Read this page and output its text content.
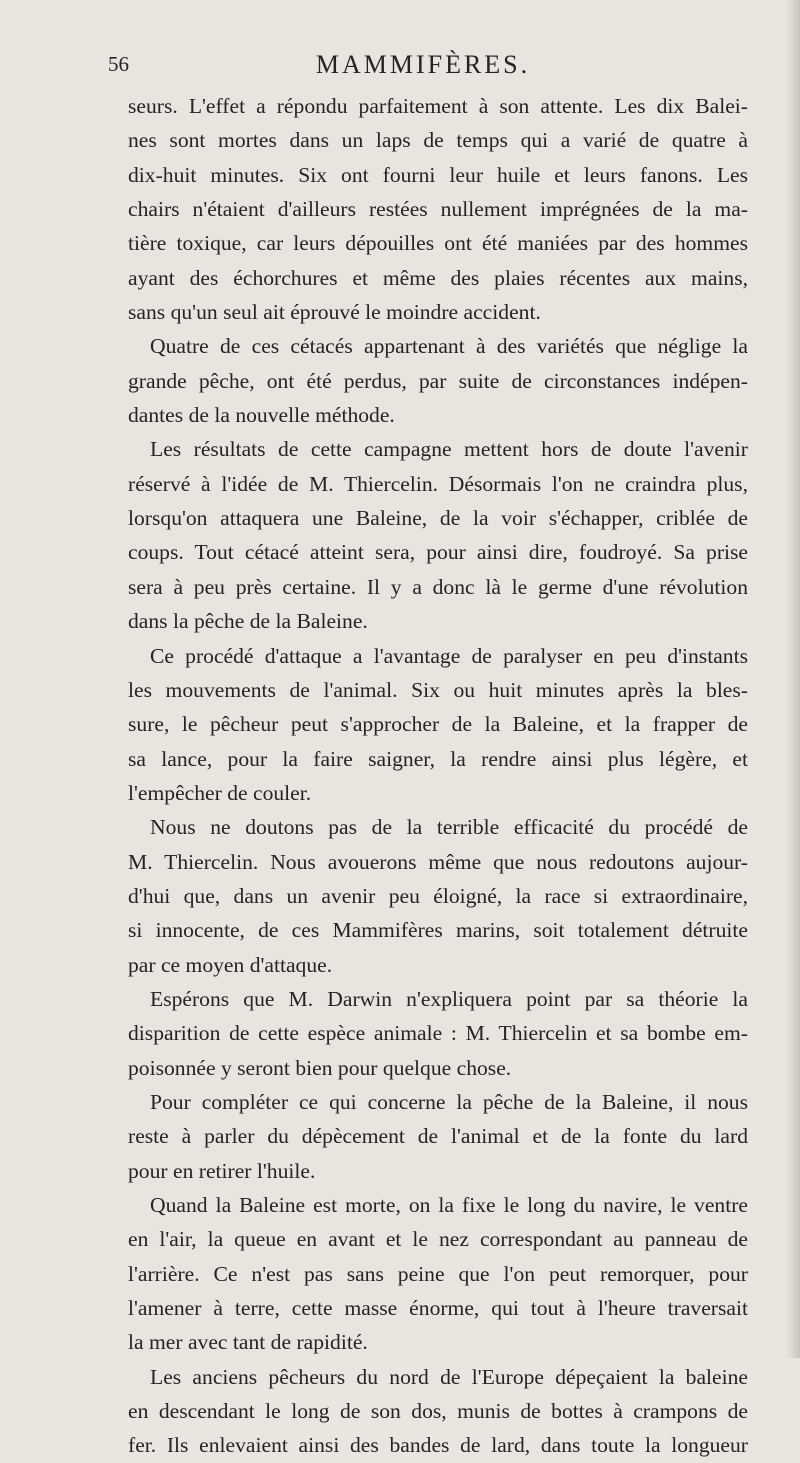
56	MAMMIFÈRES.
seurs. L'effet a répondu parfaitement à son attente. Les dix Balei-
nes sont mortes dans un laps de temps qui a varié de quatre à
dix-huit minutes. Six ont fourni leur huile et leurs fanons. Les
chairs n'étaient d'ailleurs restées nullement imprégnées de la ma-
tière toxique, car leurs dépouilles ont été maniées par des hommes
ayant des échorchures et même des plaies récentes aux mains,
sans qu'un seul ait éprouvé le moindre accident.
Quatre de ces cétacés appartenant à des variétés que néglige la
grande pêche, ont été perdus, par suite de circonstances indépen-
dantes de la nouvelle méthode.
Les résultats de cette campagne mettent hors de doute l'avenir
réservé à l'idée de M. Thiercelin. Désormais l'on ne craindra plus,
lorsqu'on attaquera une Baleine, de la voir s'échapper, criblée de
coups. Tout cétacé atteint sera, pour ainsi dire, foudroyé. Sa prise
sera à peu près certaine. Il y a donc là le germe d'une révolution
dans la pêche de la Baleine.
Ce procédé d'attaque a l'avantage de paralyser en peu d'instants
les mouvements de l'animal. Six ou huit minutes après la bles-
sure, le pêcheur peut s'approcher de la Baleine, et la frapper de
sa lance, pour la faire saigner, la rendre ainsi plus légère, et
l'empêcher de couler.
Nous ne doutons pas de la terrible efficacité du procédé de
M. Thiercelin. Nous avouerons même que nous redoutons aujour-
d'hui que, dans un avenir peu éloigné, la race si extraordinaire,
si innocente, de ces Mammifères marins, soit totalement détruite
par ce moyen d'attaque.
Espérons que M. Darwin n'expliquera point par sa théorie la
disparition de cette espèce animale : M. Thiercelin et sa bombe em-
poisonnée y seront bien pour quelque chose.
Pour compléter ce qui concerne la pêche de la Baleine, il nous
reste à parler du dépècement de l'animal et de la fonte du lard
pour en retirer l'huile.
Quand la Baleine est morte, on la fixe le long du navire, le ventre
en l'air, la queue en avant et le nez correspondant au panneau de
l'arrière. Ce n'est pas sans peine que l'on peut remorquer, pour
l'amener à terre, cette masse énorme, qui tout à l'heure traversait
la mer avec tant de rapidité.
Les anciens pêcheurs du nord de l'Europe dépeçaient la baleine
en descendant le long de son dos, munis de bottes à crampons de
fer. Ils enlevaient ainsi des bandes de lard, dans toute la longueur
